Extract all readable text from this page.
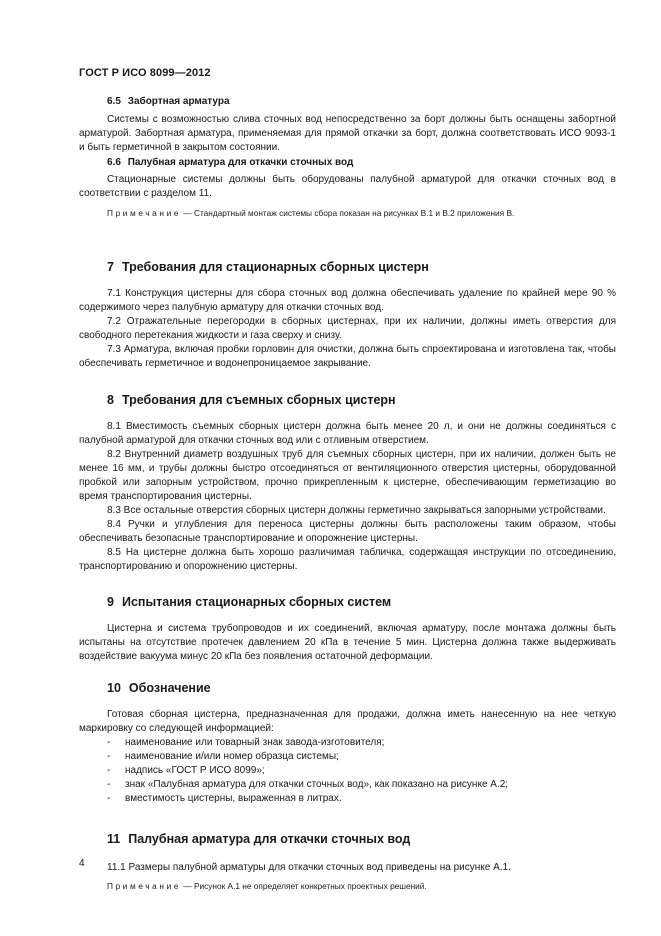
ГОСТ Р ИСО 8099—2012

6.5 Забортная арматура

Системы с возможностью слива сточных вод непосредственно за борт должны быть оснащены забортной арматурой. Забортная арматура, применяемая для прямой откачки за борт, должна соответствовать ИСО 9093-1 и быть герметичной в закрытом состоянии.

6.6 Палубная арматура для откачки сточных вод

Стационарные системы должны быть оборудованы палубной арматурой для откачки сточных вод в соответствии с разделом 11.

Примечание — Стандартный монтаж системы сбора показан на рисунках В.1 и В.2 приложения В.

7 Требования для стационарных сборных цистерн

7.1 Конструкция цистерны для сбора сточных вод должна обеспечивать удаление по крайней мере 90 % содержимого через палубную арматуру для откачки сточных вод.

7.2 Отражательные перегородки в сборных цистернах, при их наличии, должны иметь отверстия для свободного перетекания жидкости и газа сверху и снизу.

7.3 Арматура, включая пробки горловин для очистки, должна быть спроектирована и изготовлена так, чтобы обеспечивать герметичное и водонепроницаемое закрывание.

8 Требования для съемных сборных цистерн

8.1 Вместимость съемных сборных цистерн должна быть менее 20 л, и они не должны соединяться с палубной арматурой для откачки сточных вод или с отливным отверстием.

8.2 Внутренний диаметр воздушных труб для съемных сборных цистерн, при их наличии, должен быть не менее 16 мм, и трубы должны быстро отсоединяться от вентиляционного отверстия цистерны, оборудованной пробкой или запорным устройством, прочно прикрепленным к цистерне, обеспечивающим герметизацию во время транспортирования цистерны.

8.3 Все остальные отверстия сборных цистерн должны герметично закрываться запорными устройствами.

8.4 Ручки и углубления для переноса цистерны должны быть расположены таким образом, чтобы обеспечивать безопасные транспортирование и опорожнение цистерны.

8.5 На цистерне должна быть хорошо различимая табличка, содержащая инструкции по отсоединению, транспортированию и опорожнению цистерны.

9 Испытания стационарных сборных систем

Цистерна и система трубопроводов и их соединений, включая арматуру, после монтажа должны быть испытаны на отсутствие протечек давлением 20 кПа в течение 5 мин. Цистерна должна также выдерживать воздействие вакуума минус 20 кПа без появления остаточной деформации.

10 Обозначение

Готовая сборная цистерна, предназначенная для продажи, должна иметь нанесенную на нее четкую маркировку со следующей информацией:

-	наименование или товарный знак завода-изготовителя;
-	наименование и/или номер образца системы;
-	надпись «ГОСТ Р ИСО 8099»;
-	знак «Палубная арматура для откачки сточных вод», как показано на рисунке А.2;
-	вместимость цистерны, выраженная в литрах.
11 Палубная арматура для откачки сточных вод

11.1 Размеры палубной арматуры для откачки сточных вод приведены на рисунке А.1.

Примечание — Рисунок А.1 не определяет конкретных проектных решений.

4
